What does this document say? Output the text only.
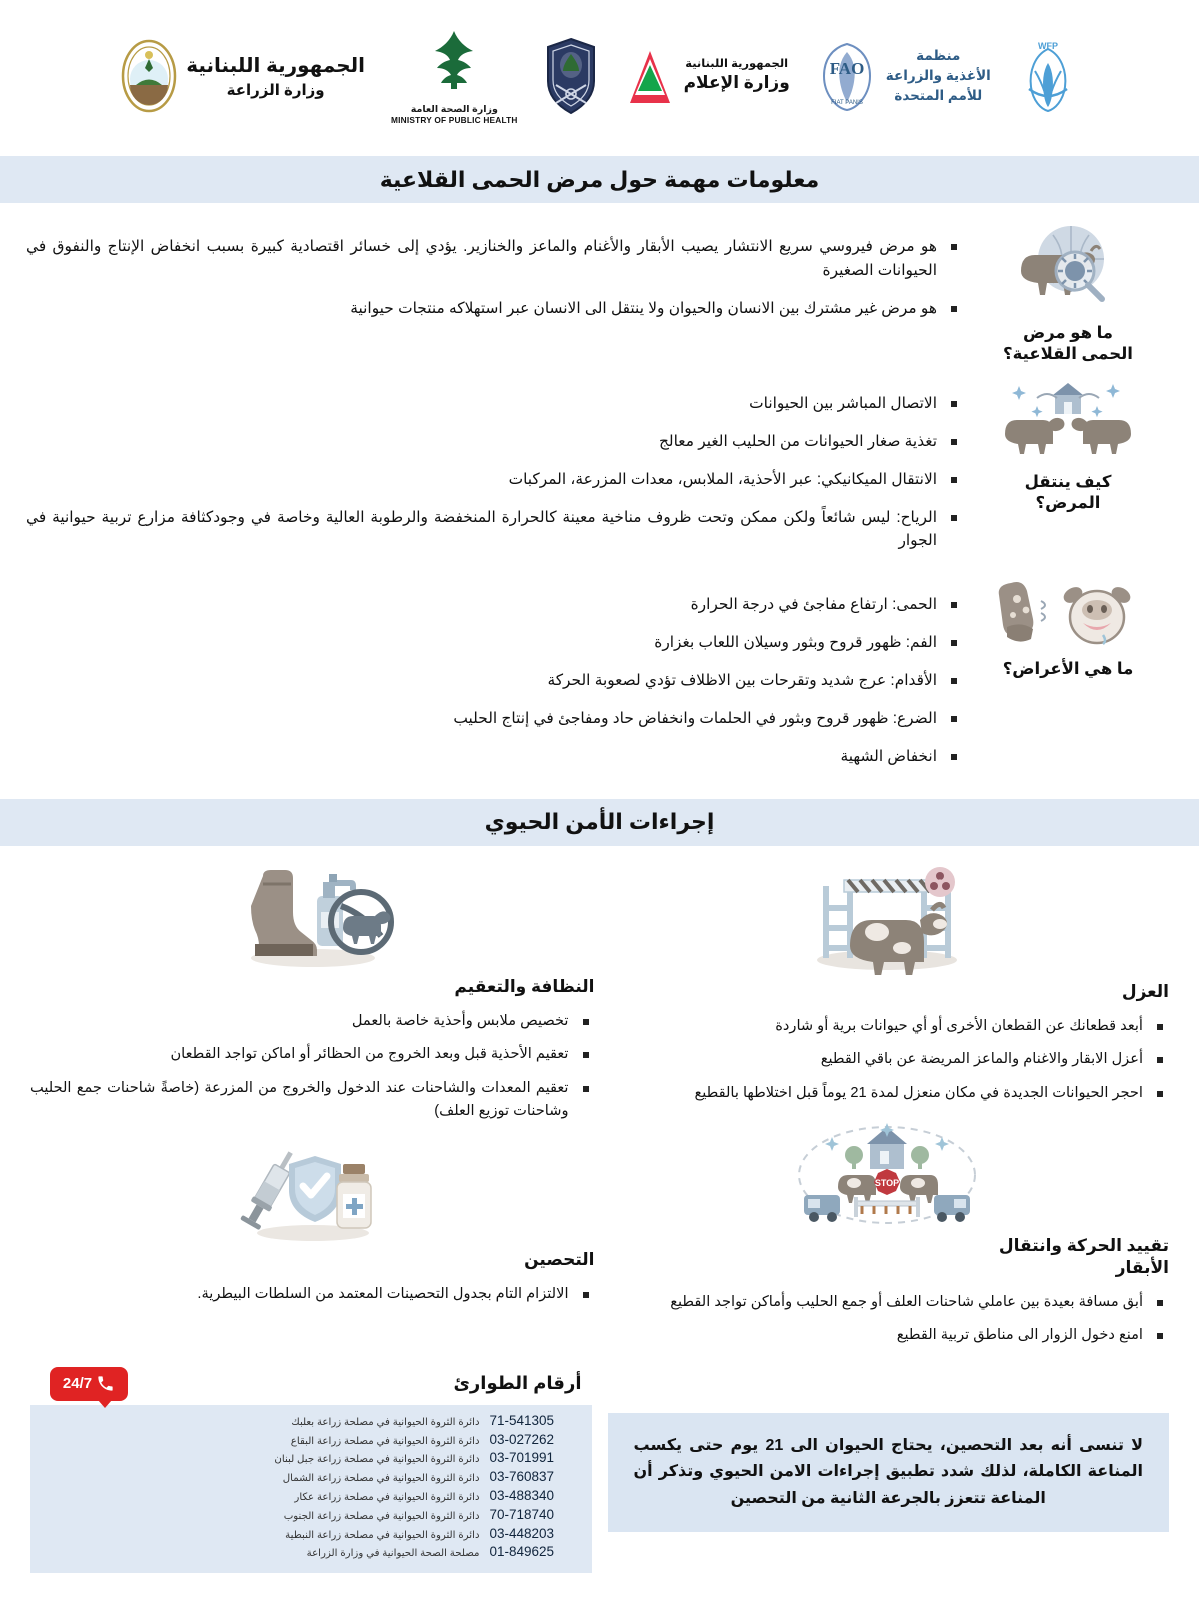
الجمهورية اللبنانية
وزارة الزراعة
وزارة الصحة العامة
MINISTRY OF PUBLIC HEALTH
الجمهورية اللبنانية
وزارة الإعلام
FAO
FIAT PANIS
منظمة
الأغذية والزراعة
للأمم المتحدة
WFP
معلومات مهمة حول مرض الحمى القلاعية
ما هو مرض
الحمى القلاعية؟
هو مرض فيروسي سريع الانتشار يصيب الأبقار والأغنام والماعز والخنازير. يؤدي إلى خسائر اقتصادية كبيرة بسبب انخفاض الإنتاج والنفوق في الحيوانات الصغيرة
هو مرض غير مشترك بين الانسان والحيوان ولا ينتقل الى الانسان عبر استهلاكه منتجات حيوانية
كيف ينتقل
المرض؟
الاتصال المباشر بين الحيوانات
تغذية صغار الحيوانات من الحليب الغير معالج
الانتقال الميكانيكي: عبر الأحذية، الملابس، معدات المزرعة، المركبات
الرياح: ليس شائعاً ولكن ممكن وتحت ظروف مناخية معينة كالحرارة المنخفضة والرطوبة العالية وخاصة في وجودكثافة مزارع تربية حيوانية في الجوار
ما هي الأعراض؟
الحمى: ارتفاع مفاجئ في درجة الحرارة
الفم: ظهور قروح وبثور وسيلان اللعاب بغزارة
الأقدام: عرج شديد وتقرحات بين الاظلاف تؤدي لصعوبة الحركة
الضرع: ظهور قروح وبثور في الحلمات وانخفاض حاد ومفاجئ في إنتاج الحليب
انخفاض الشهية
إجراءات الأمن الحيوي
العزل
أبعد قطعانك عن القطعان الأخرى أو أي حيوانات برية أو شاردة
أعزل الابقار والاغنام والماعز المريضة عن باقي القطيع
احجر الحيوانات الجديدة في مكان منعزل لمدة 21 يوماً قبل اختلاطها بالقطيع
STOP
تقييد الحركة وانتقال
الأبقار
أبق مسافة بعيدة بين عاملي شاحنات العلف أو جمع الحليب وأماكن تواجد القطيع
امنع دخول الزوار الى مناطق تربية القطيع
النظافة والتعقيم
تخصيص ملابس وأحذية خاصة بالعمل
تعقيم الأحذية قبل وبعد الخروج من الحظائر أو اماكن تواجد القطعان
تعقيم المعدات والشاحنات عند الدخول والخروج من المزرعة (خاصةً شاحنات جمع الحليب وشاحنات توزيع العلف)
التحصين
الالتزام التام بجدول التحصينات المعتمد من السلطات البيطرية.
لا تنسى أنه بعد التحصين، يحتاج الحيوان الى 21 يوم حتى يكسب المناعة الكاملة، لذلك شدد تطبيق إجراءات الامن الحيوي وتذكر أن المناعة تتعزز بالجرعة الثانية من التحصين
أرقام الطوارئ
24/7
71-541305
دائرة الثروة الحيوانية في مصلحة زراعة بعلبك
03-027262
دائرة الثروة الحيوانية في مصلحة زراعة البقاع
03-701991
دائرة الثروة الحيوانية في مصلحة زراعة جبل لبنان
03-760837
دائرة الثروة الحيوانية في مصلحة زراعة الشمال
03-488340
دائرة الثروة الحيوانية في مصلحة زراعة عكار
70-718740
دائرة الثروة الحيوانية في مصلحة زراعة الجنوب
03-448203
دائرة الثروة الحيوانية في مصلحة زراعة النبطية
01-849625
مصلحة الصحة الحيوانية في وزارة الزراعة
